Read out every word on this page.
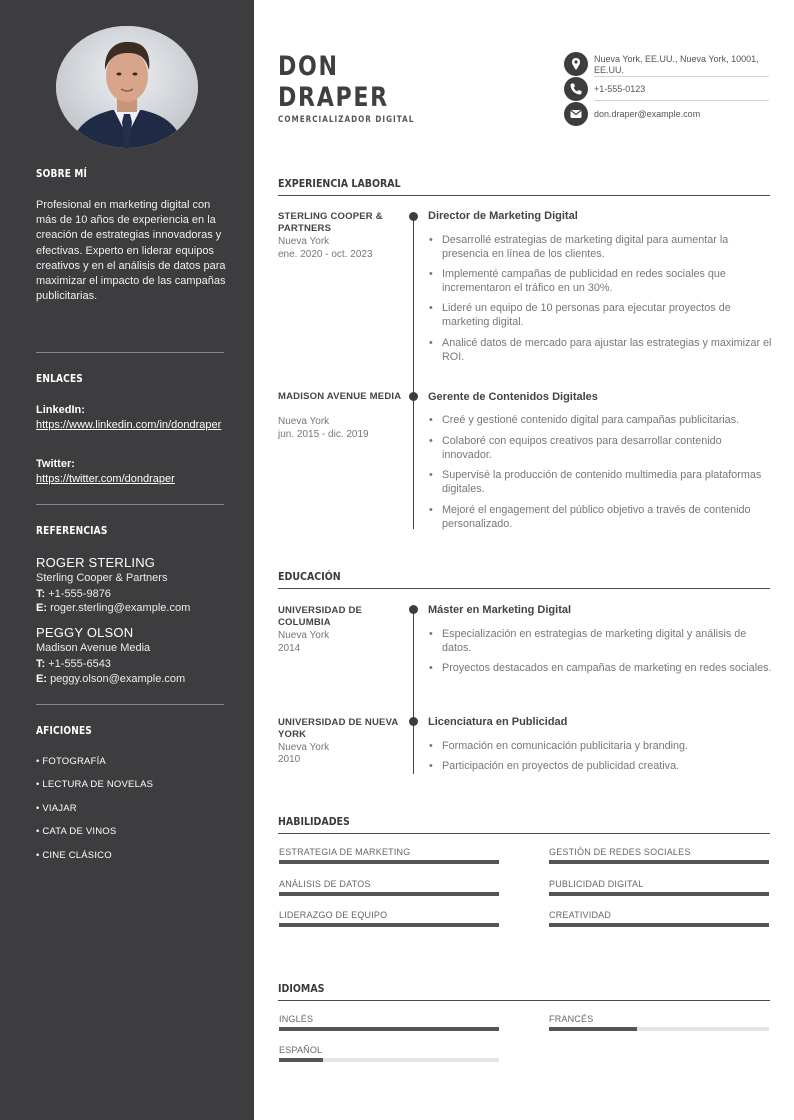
SOBRE MÍ
Profesional en marketing digital con más de 10 años de experiencia en la creación de estrategias innovadoras y efectivas. Experto en liderar equipos creativos y en el análisis de datos para maximizar el impacto de las campañas publicitarias.
ENLACES
LinkedIn:
https://www.linkedin.com/in/dondraper
Twitter:
https://twitter.com/dondraper
REFERENCIAS
ROGER STERLING
Sterling Cooper & Partners
T: +1-555-9876
E: roger.sterling@example.com
PEGGY OLSON
Madison Avenue Media
T: +1-555-6543
E: peggy.olson@example.com
AFICIONES
• FOTOGRAFÍA
• LECTURA DE NOVELAS
• VIAJAR
• CATA DE VINOS
• CINE CLÁSICO
DON
DRAPER
COMERCIALIZADOR DIGITAL
Nueva York, EE.UU., Nueva York, 10001, EE.UU.
+1-555-0123
don.draper@example.com
EXPERIENCIA LABORAL
STERLING COOPER & PARTNERS
Nueva York
ene. 2020 - oct. 2023
Director de Marketing Digital
• Desarrollé estrategias de marketing digital para aumentar la presencia en línea de los clientes.
• Implementé campañas de publicidad en redes sociales que incrementaron el tráfico en un 30%.
• Lideré un equipo de 10 personas para ejecutar proyectos de marketing digital.
• Analicé datos de mercado para ajustar las estrategias y maximizar el ROI.
MADISON AVENUE MEDIA
Nueva York
jun. 2015 - dic. 2019
Gerente de Contenidos Digitales
• Creé y gestioné contenido digital para campañas publicitarias.
• Colaboré con equipos creativos para desarrollar contenido innovador.
• Supervisé la producción de contenido multimedia para plataformas digitales.
• Mejoré el engagement del público objetivo a través de contenido personalizado.
EDUCACIÓN
UNIVERSIDAD DE COLUMBIA
Nueva York
2014
Máster en Marketing Digital
• Especialización en estrategias de marketing digital y análisis de datos.
• Proyectos destacados en campañas de marketing en redes sociales.
UNIVERSIDAD DE NUEVA YORK
Nueva York
2010
Licenciatura en Publicidad
• Formación en comunicación publicitaria y branding.
• Participación en proyectos de publicidad creativa.
HABILIDADES
ESTRATEGIA DE MARKETING	GESTIÓN DE REDES SOCIALES
ANÁLISIS DE DATOS	PUBLICIDAD DIGITAL
LIDERAZGO DE EQUIPO	CREATIVIDAD
IDIOMAS
INGLÉS	FRANCÉS
ESPAÑOL
